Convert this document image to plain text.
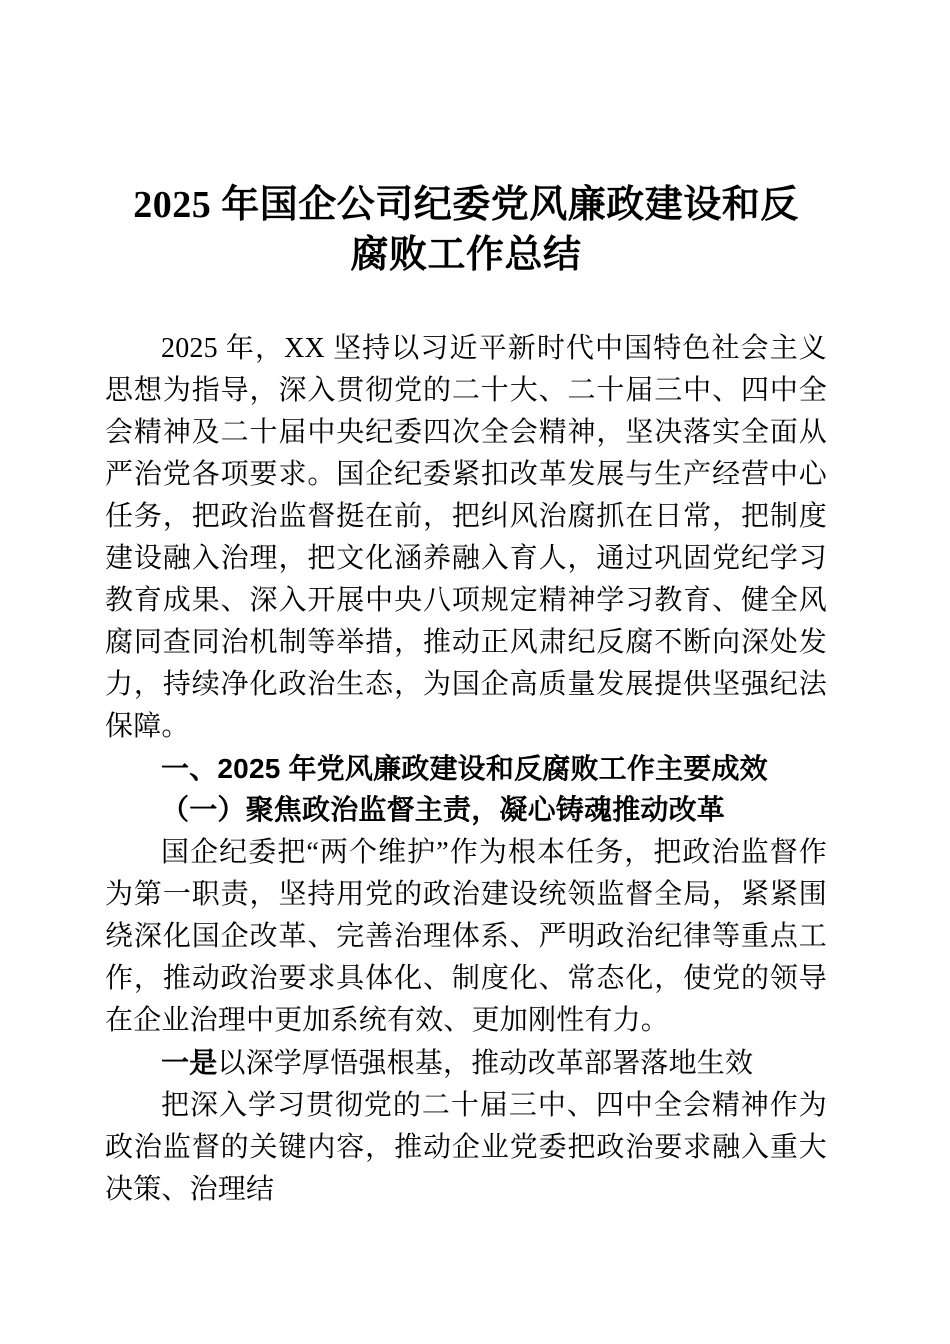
2025 年国企公司纪委党风廉政建设和反
腐败工作总结

2025 年，XX 坚持以习近平新时代中国特色社会主义思想为指导，深入贯彻党的二十大、二十届三中、四中全会精神及二十届中央纪委四次全会精神，坚决落实全面从严治党各项要求。国企纪委紧扣改革发展与生产经营中心任务，把政治监督挺在前，把纠风治腐抓在日常，把制度建设融入治理，把文化涵养融入育人，通过巩固党纪学习教育成果、深入开展中央八项规定精神学习教育、健全风腐同查同治机制等举措，推动正风肃纪反腐不断向深处发力，持续净化政治生态，为国企高质量发展提供坚强纪法保障。

一、2025 年党风廉政建设和反腐败工作主要成效

（一）聚焦政治监督主责，凝心铸魂推动改革

国企纪委把“两个维护”作为根本任务，把政治监督作为第一职责，坚持用党的政治建设统领监督全局，紧紧围绕深化国企改革、完善治理体系、严明政治纪律等重点工作，推动政治要求具体化、制度化、常态化，使党的领导在企业治理中更加系统有效、更加刚性有力。

一是以深学厚悟强根基，推动改革部署落地生效

把深入学习贯彻党的二十届三中、四中全会精神作为政治监督的关键内容，推动企业党委把政治要求融入重大决策、治理结
